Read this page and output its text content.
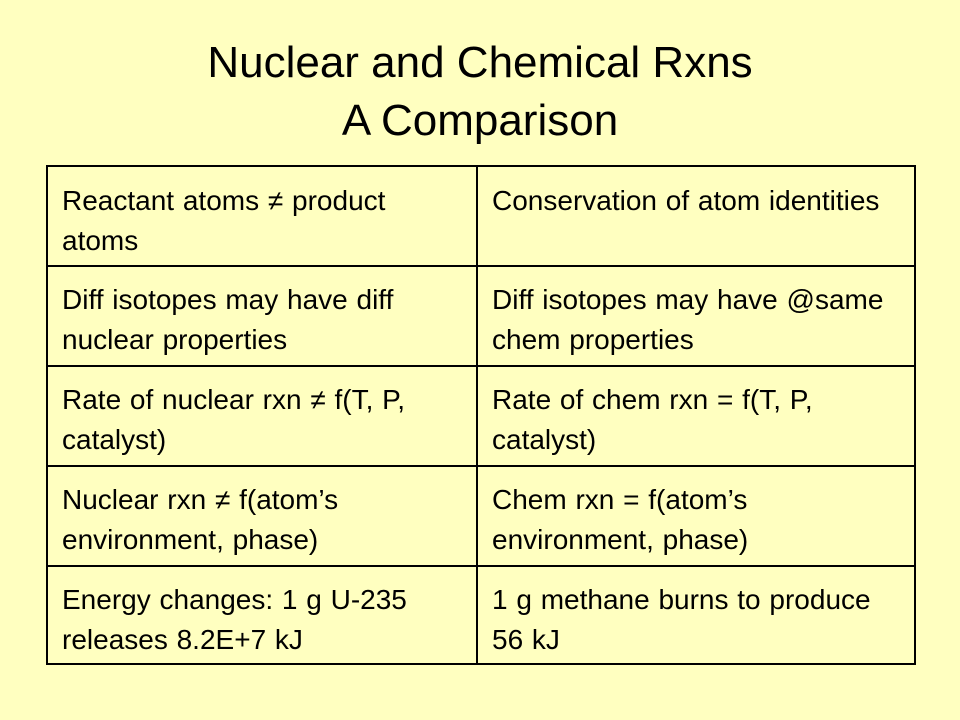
Nuclear and Chemical Rxns
A Comparison
Reactant atoms ≠ product atoms	Conservation of atom identities
Diff isotopes may have diff nuclear properties	Diff isotopes may have @same chem properties
Rate of nuclear rxn ≠ f(T, P, catalyst)	Rate of chem rxn = f(T, P, catalyst)
Nuclear rxn ≠ f(atom’s environment, phase)	Chem rxn = f(atom’s environment, phase)
Energy changes: 1 g U-235 releases 8.2E+7 kJ	1 g methane burns to produce 56 kJ
